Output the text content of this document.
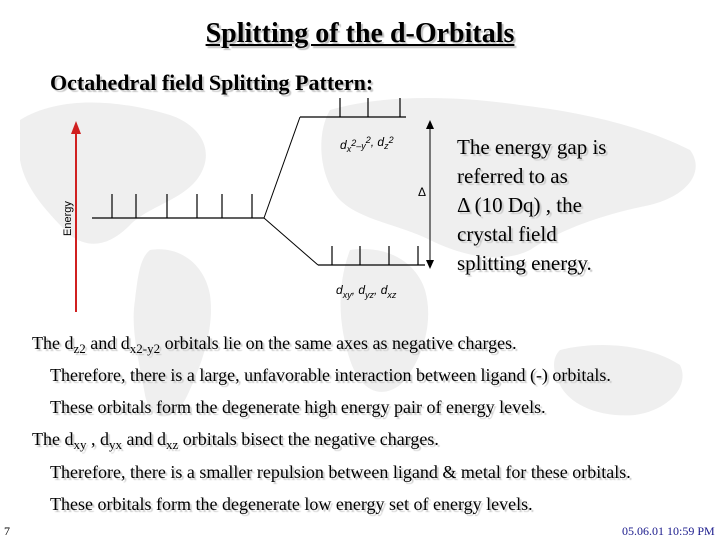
Splitting of the d-Orbitals
Octahedral field Splitting Pattern:
Energy
Δ
$d_x^2_{-y}^2$, $d_z^2$
$d_{xy}$, $d_{yz}$, $d_{xz}$
The energy gap is
referred to as
Δ (10 Dq) , the
crystal field
splitting energy.
The $d_{z2}$ and $d_{x2-y2}$ orbitals lie on the same axes as negative charges.
Therefore, there is a large, unfavorable interaction between ligand (-) orbitals.
These orbitals form the degenerate high energy pair of energy levels.
The $d_{xy}$ , $d_{yx}$ and $d_{xz}$ orbitals bisect the negative charges.
Therefore, there is a smaller repulsion between ligand & metal for these orbitals.
These orbitals form the degenerate low energy set of energy levels.
7	05.06.01 10:59 PM
